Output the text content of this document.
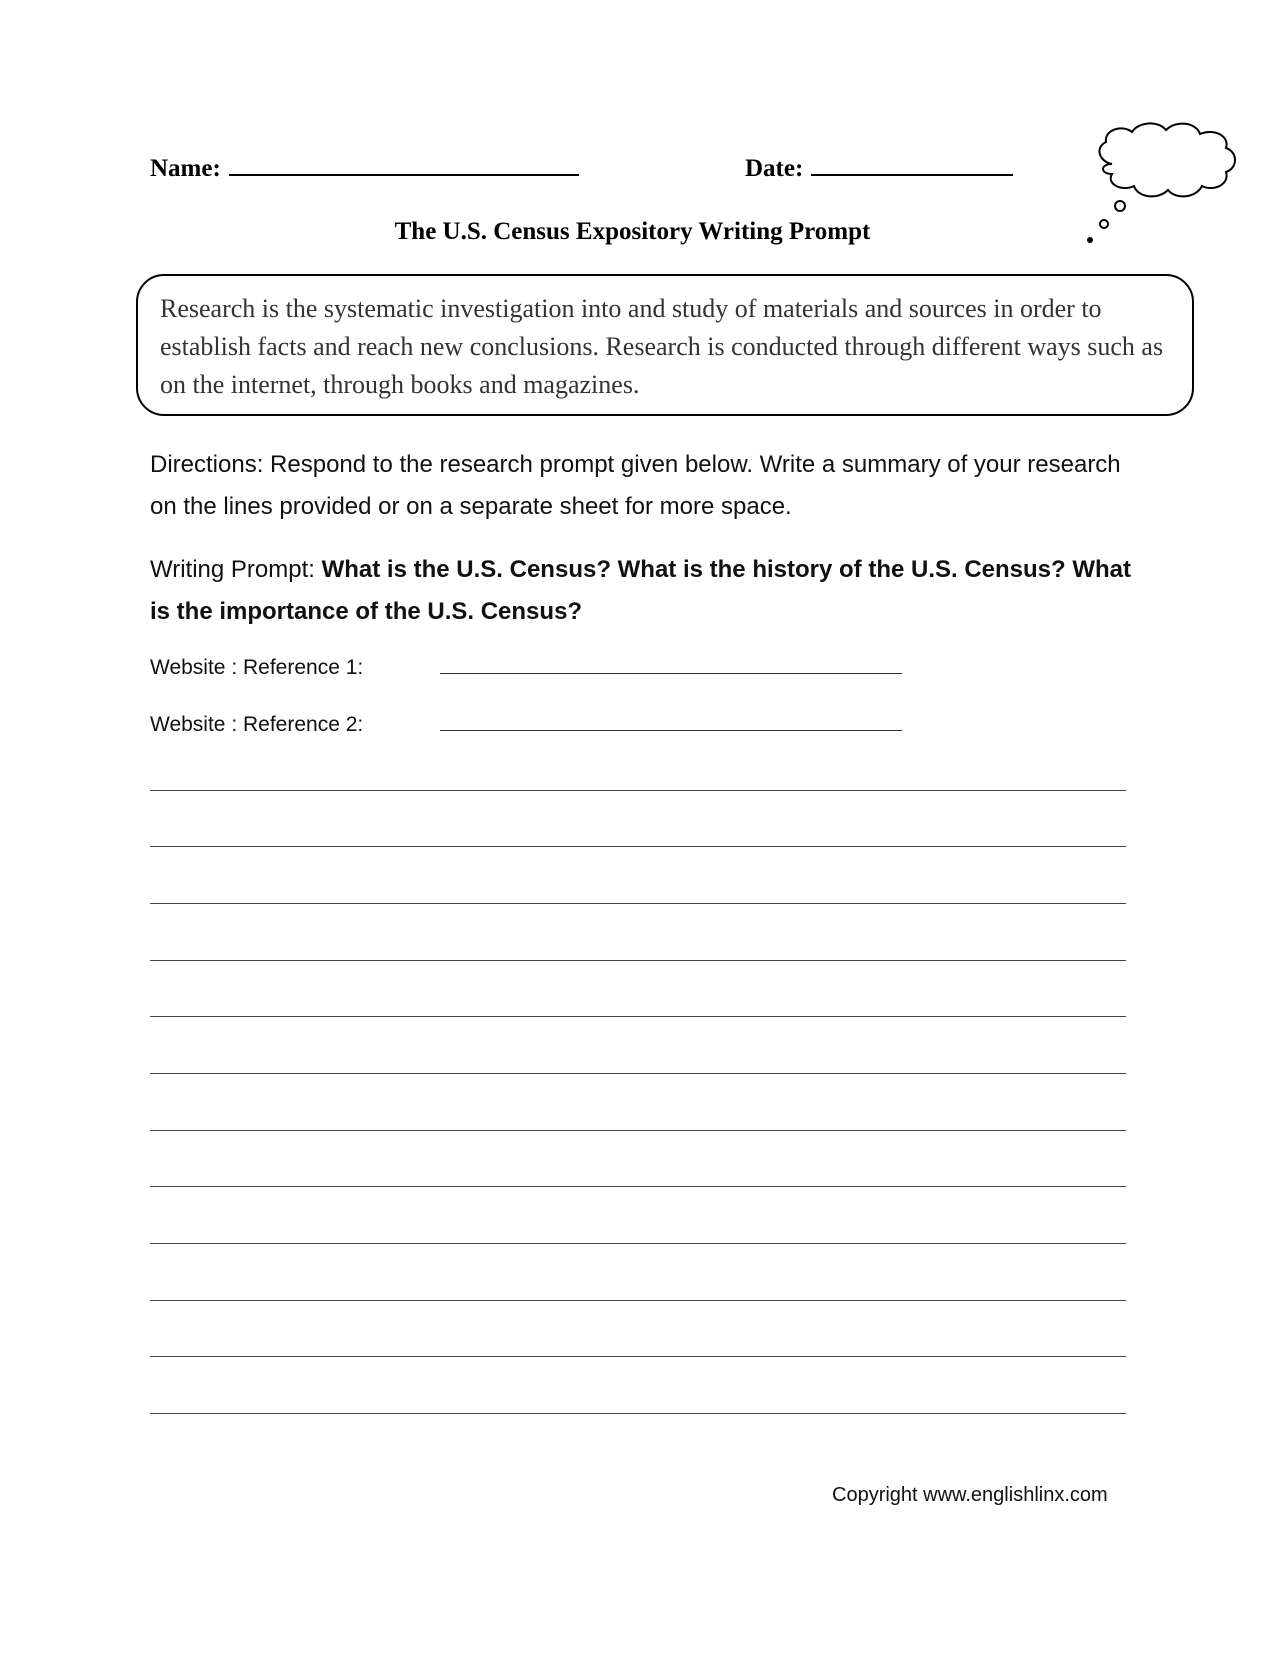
Name:	Date:
The U.S. Census Expository Writing Prompt
Research is the systematic investigation into and study of materials and sources in order to establish facts and reach new conclusions. Research is conducted through different ways such as on the internet, through books and magazines.
Directions: Respond to the research prompt given below. Write a summary of your research on the lines provided or on a separate sheet for more space.
Writing Prompt: What is the U.S. Census? What is the history of the U.S. Census? What is the importance of the U.S. Census?
Website : Reference 1:
Website : Reference 2:
Copyright www.englishlinx.com
